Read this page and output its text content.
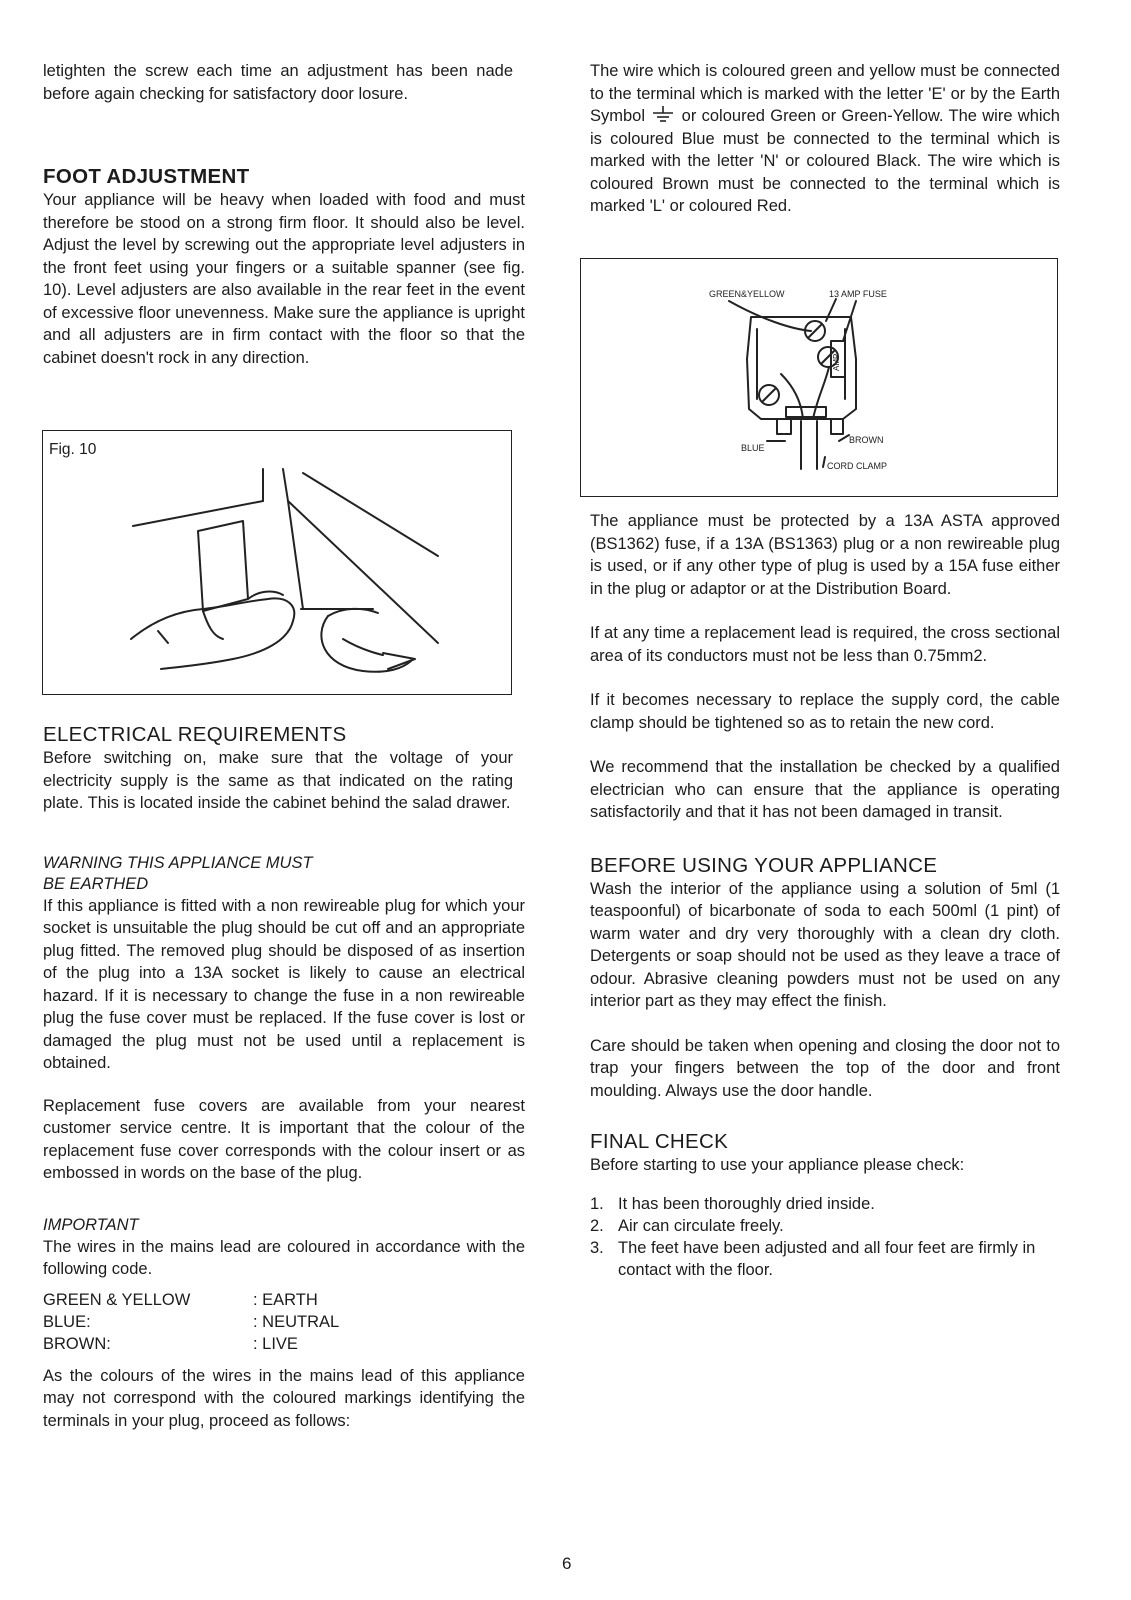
letighten the screw each time an adjustment has been nade before again checking for satisfactory door losure.

FOOT ADJUSTMENT

Your appliance will be heavy when loaded with food and must therefore be stood on a strong firm floor. It should also be level. Adjust the level by screwing out the appropriate level adjusters in the front feet using your fingers or a suitable spanner (see fig. 10). Level adjusters are also available in the rear feet in the event of excessive floor unevenness. Make sure the appliance is upright and all adjusters are in firm contact with the floor so that the cabinet doesn't rock in any direction.

Fig. 10
ELECTRICAL REQUIREMENTS

Before switching on, make sure that the voltage of your electricity supply is the same as that indicated on the rating plate. This is located inside the cabinet behind the salad drawer.

WARNING THIS APPLIANCE MUST
BE EARTHED

If this appliance is fitted with a non rewireable plug for which your socket is unsuitable the plug should be cut off and an appropriate plug fitted. The removed plug should be disposed of as insertion of the plug into a 13A socket is likely to cause an electrical hazard. If it is necessary to change the fuse in a non rewireable plug the fuse cover must be replaced. If the fuse cover is lost or damaged the plug must not be used until a replacement is obtained.

Replacement fuse covers are available from your nearest customer service centre. It is important that the colour of the replacement fuse cover corresponds with the colour insert or as embossed in words on the base of the plug.

IMPORTANT

The wires in the mains lead are coloured in accordance with the following code.

GREEN & YELLOW	: EARTH
BLUE:	: NEUTRAL
BROWN:	: LIVE

As the colours of the wires in the mains lead of this appliance may not correspond with the coloured markings identifying the terminals in your plug, proceed as follows:

The wire which is coloured green and yellow must be connected to the terminal which is marked with the letter 'E' or by the Earth Symbol or coloured Green or Green-Yellow. The wire which is coloured Blue must be connected to the terminal which is marked with the letter 'N' or coloured Black. The wire which is coloured Brown must be connected to the terminal which is marked 'L' or coloured Red.

GREEN&YELLOW	13 AMP FUSE
BLUE
BROWN
CORD CLAMP
AMP

The appliance must be protected by a 13A ASTA approved (BS1362) fuse, if a 13A (BS1363) plug or a non rewireable plug is used, or if any other type of plug is used by a 15A fuse either in the plug or adaptor or at the Distribution Board.

If at any time a replacement lead is required, the cross sectional area of its conductors must not be less than 0.75mm2.

If it becomes necessary to replace the supply cord, the cable clamp should be tightened so as to retain the new cord.

We recommend that the installation be checked by a qualified electrician who can ensure that the appliance is operating satisfactorily and that it has not been damaged in transit.

BEFORE USING YOUR APPLIANCE

Wash the interior of the appliance using a solution of 5ml (1 teaspoonful) of bicarbonate of soda to each 500ml (1 pint) of warm water and dry very thoroughly with a clean dry cloth. Detergents or soap should not be used as they leave a trace of odour. Abrasive cleaning powders must not be used on any interior part as they may effect the finish.

Care should be taken when opening and closing the door not to trap your fingers between the top of the door and front moulding. Always use the door handle.

FINAL CHECK

Before starting to use your appliance please check:

1. It has been thoroughly dried inside.
2. Air can circulate freely.
3. The feet have been adjusted and all four feet are firmly in contact with the floor.
6
